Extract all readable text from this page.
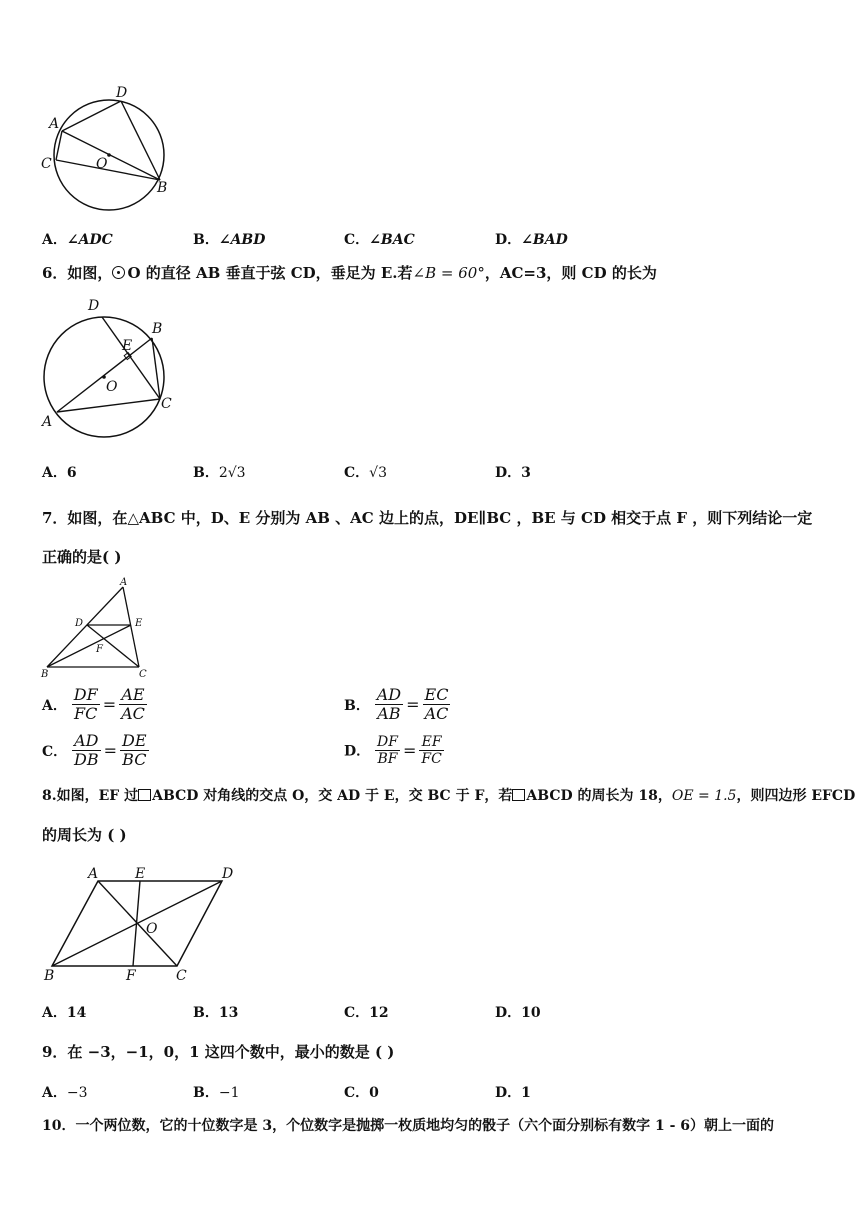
D
A
C	O
B
A．∠ADC	B．∠ABD	C．∠BAC	D．∠BAD
6．如图， O 的直径 AB 垂直于弦 CD，垂足为 E.若∠B = 60°，AC=3，则 CD 的长为
D
B
E
O
C
A
A．6	B．2√3	C．√3	D．3
7．如图，在△ABC 中，D、E 分别为 AB 、AC 边上的点，DE∥BC ，BE 与 CD 相交于点 F ，则下列结论一定
正确的是( )
A
D	E
F
B	C
A． $\frac{DF}{FC} = \frac{AE}{AC}$	B． $\frac{AD}{AB} = \frac{EC}{AC}$
C． $\frac{AD}{DB} = \frac{DE}{BC}$	D． $\frac{DF}{BF} = \frac{EF}{FC}$
8.如图，EF 过 ABCD 对角线的交点 O，交 AD 于 E，交 BC 于 F，若 ABCD 的周长为 18，OE = 1.5，则四边形 EFCD
的周长为 ( )
A	E	D
O
B	F	C
A．14	B．13	C．12	D．10
9．在 −3，−1，0，1 这四个数中，最小的数是 ( )
A．−3	B．−1	C．0	D．1
10．一个两位数，它的十位数字是 3，个位数字是抛掷一枚质地均匀的骰子（六个面分别标有数字 1 - 6）朝上一面的
